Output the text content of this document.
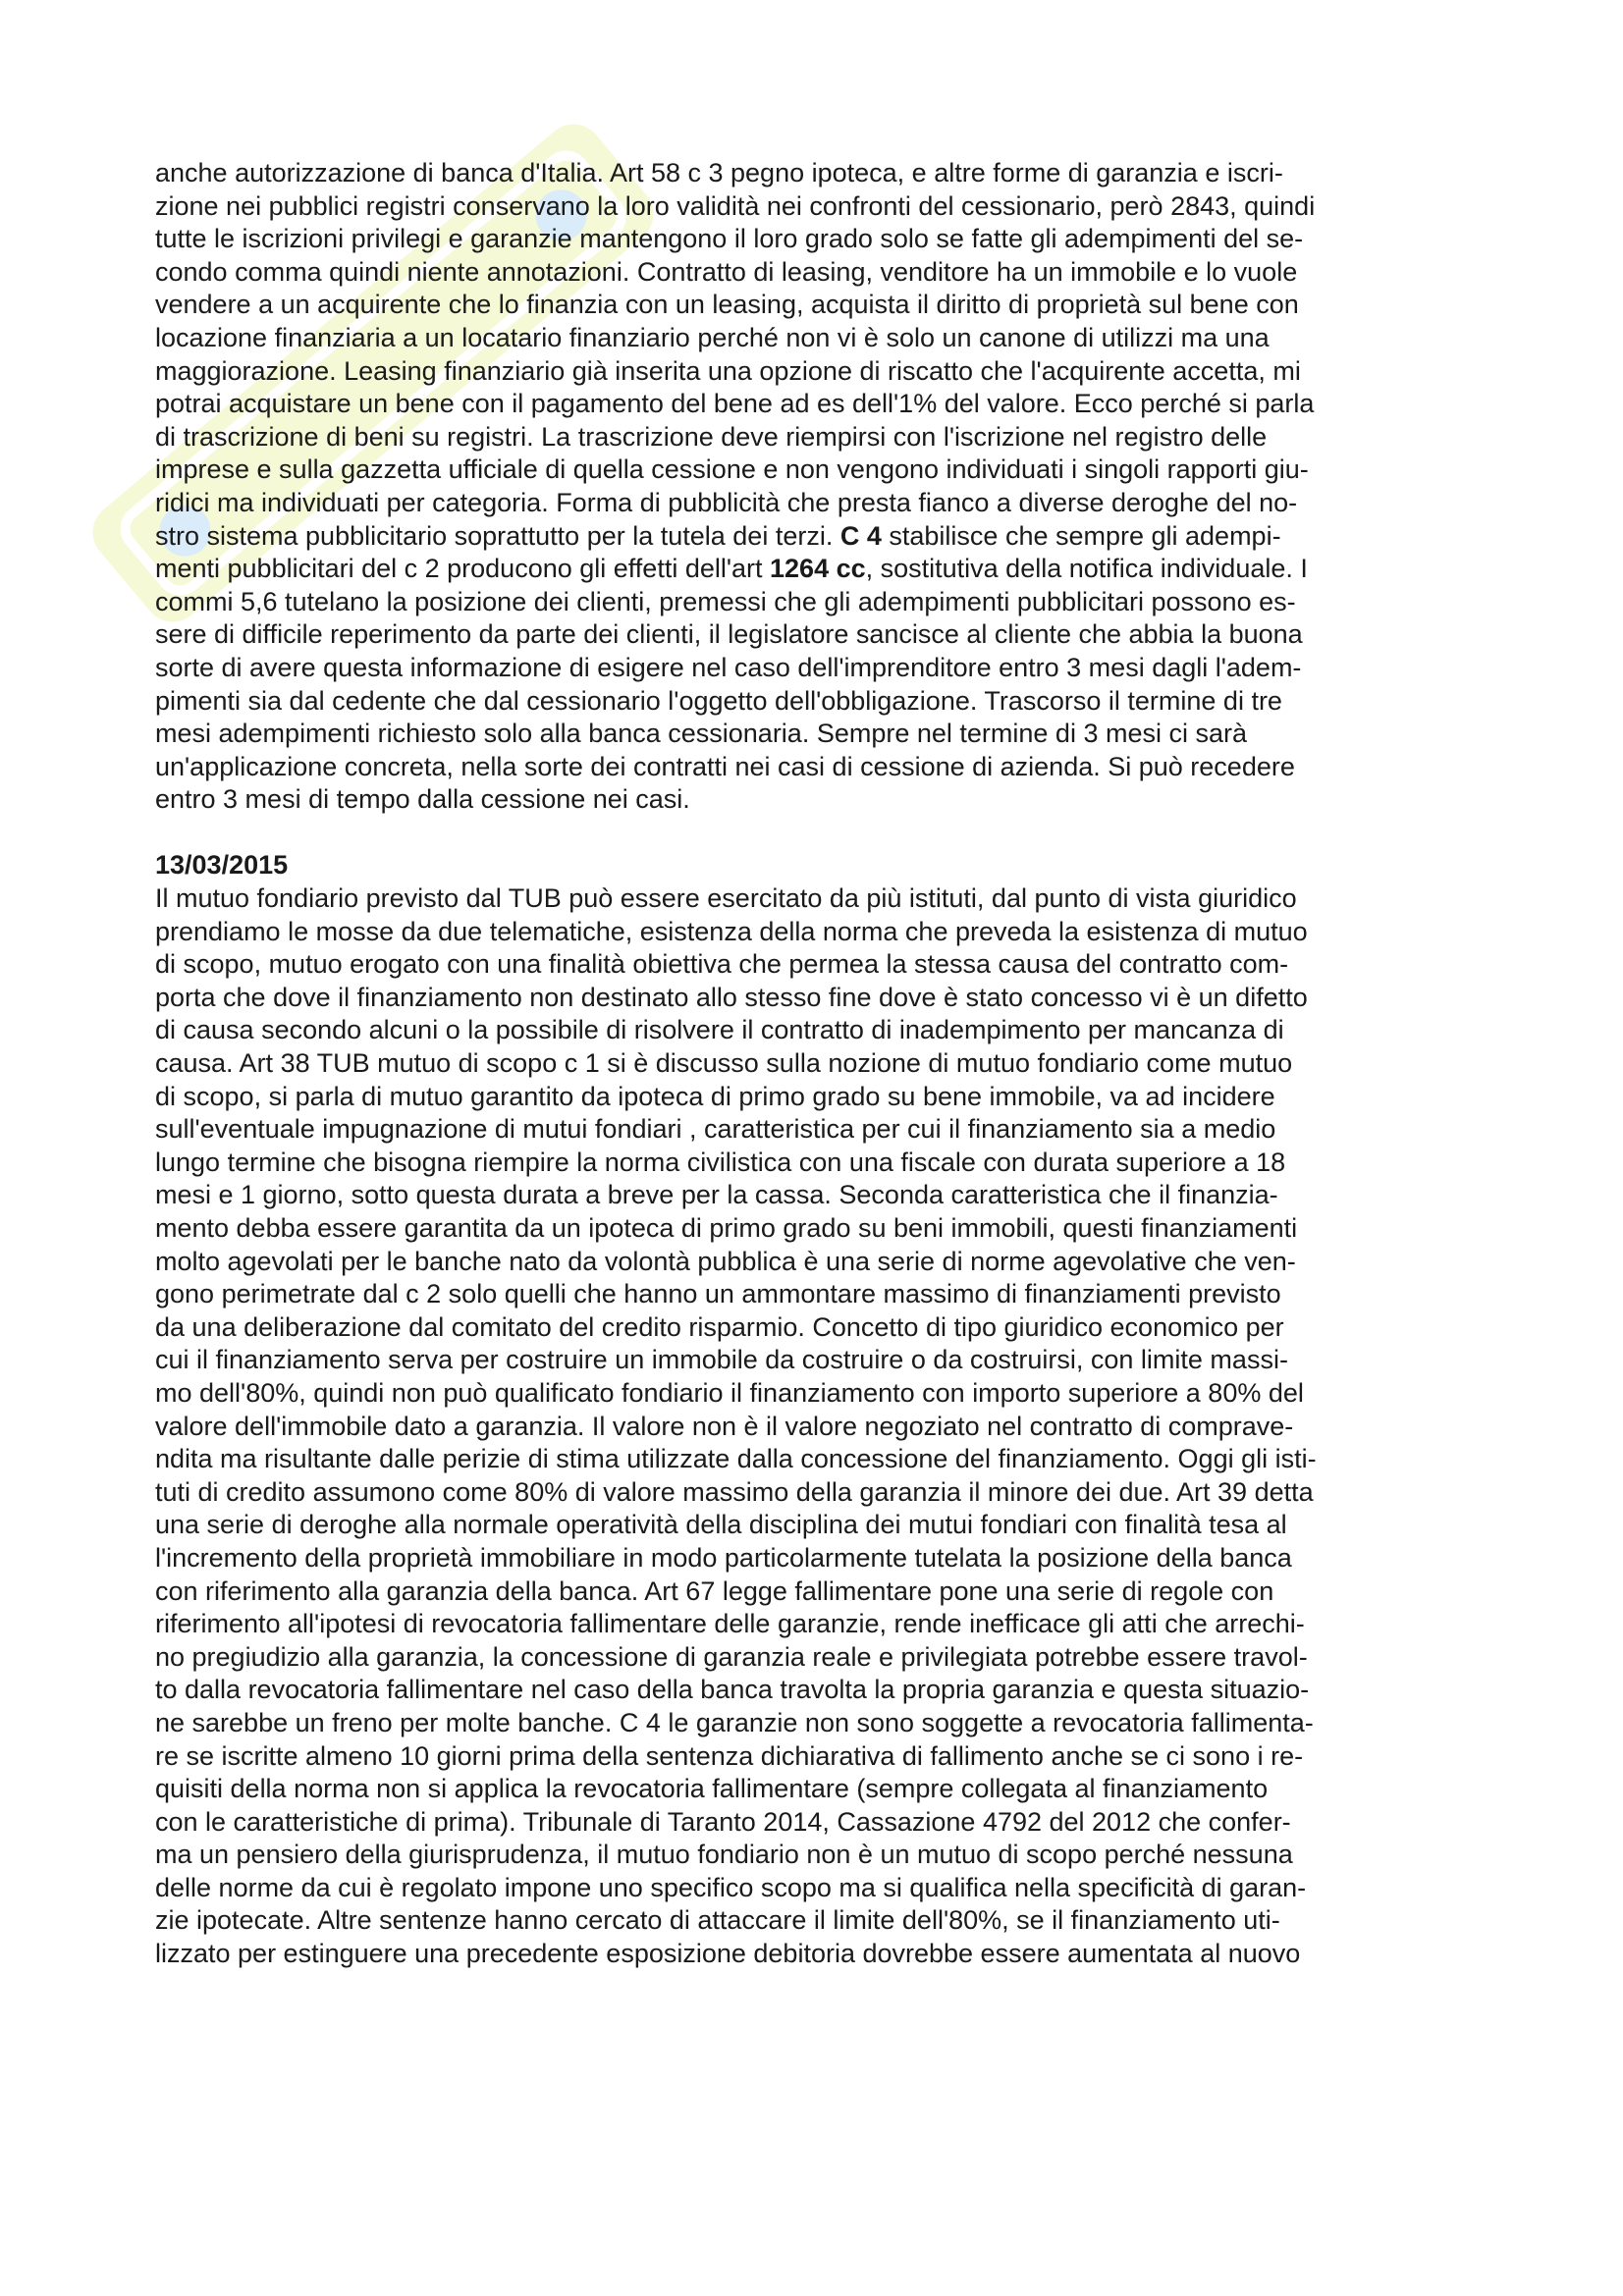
anche autorizzazione di banca d'Italia. Art 58 c 3 pegno ipoteca, e altre forme di garanzia e iscri-
zione nei pubblici registri conservano la loro validità nei confronti del cessionario, però 2843, quindi
tutte le iscrizioni privilegi e garanzie mantengono il loro grado solo se fatte gli adempimenti del se-
condo comma quindi niente annotazioni. Contratto di leasing, venditore ha un immobile e lo vuole
vendere a un acquirente che lo finanzia con un leasing, acquista il diritto di proprietà sul bene con
locazione finanziaria a un locatario finanziario perché non vi è solo un canone di utilizzi ma una
maggiorazione. Leasing finanziario già inserita una opzione di riscatto che l'acquirente accetta, mi
potrai acquistare un bene con il pagamento del bene ad es dell'1% del valore. Ecco perché si parla
di trascrizione di beni su registri. La trascrizione deve riempirsi con l'iscrizione nel registro delle
imprese e sulla gazzetta ufficiale di quella cessione e non vengono individuati i singoli rapporti giu-
ridici ma individuati per categoria. Forma di pubblicità che presta fianco a diverse deroghe del no-
stro sistema pubblicitario soprattutto per la tutela dei terzi. C 4 stabilisce che sempre gli adempi-
menti pubblicitari del c 2 producono gli effetti dell'art 1264 cc, sostitutiva della notifica individuale. I
commi 5,6 tutelano la posizione dei clienti, premessi che gli adempimenti pubblicitari possono es-
sere di difficile reperimento da parte dei clienti, il legislatore sancisce al cliente che abbia la buona
sorte di avere questa informazione di esigere nel caso dell'imprenditore entro 3 mesi dagli l'adem-
pimenti sia dal cedente che dal cessionario l'oggetto dell'obbligazione. Trascorso il termine di tre
mesi adempimenti richiesto solo alla banca cessionaria. Sempre nel termine di 3 mesi ci sarà
un'applicazione concreta, nella sorte dei contratti nei casi di cessione di azienda. Si può recedere
entro 3 mesi di tempo dalla cessione nei casi.

13/03/2015

Il mutuo fondiario previsto dal TUB può essere esercitato da più istituti, dal punto di vista giuridico
prendiamo le mosse da due telematiche, esistenza della norma che preveda la esistenza di mutuo
di scopo, mutuo erogato con una finalità obiettiva che permea la stessa causa del contratto com-
porta che dove il finanziamento non destinato allo stesso fine dove è stato concesso vi è un difetto
di causa secondo alcuni o la possibile di risolvere il contratto di inadempimento per mancanza di
causa. Art 38 TUB mutuo di scopo c 1 si è discusso sulla nozione di mutuo fondiario come mutuo
di scopo, si parla di mutuo garantito da ipoteca di primo grado su bene immobile, va ad incidere
sull'eventuale impugnazione di mutui fondiari , caratteristica per cui il finanziamento sia a medio
lungo termine che bisogna riempire la norma civilistica con una fiscale con durata superiore a 18
mesi e 1 giorno, sotto questa durata a breve per la cassa. Seconda caratteristica che il finanzia-
mento debba essere garantita da un ipoteca di primo grado su beni immobili, questi finanziamenti
molto agevolati per le banche nato da volontà pubblica è una serie di norme agevolative che ven-
gono perimetrate dal c 2 solo quelli che hanno un ammontare massimo di finanziamenti previsto
da una deliberazione dal comitato del credito risparmio. Concetto di tipo giuridico economico per
cui il finanziamento serva per costruire un immobile da costruire o da costruirsi, con limite massi-
mo dell'80%, quindi non può qualificato fondiario il finanziamento con importo superiore a 80% del
valore dell'immobile dato a garanzia. Il valore non è il valore negoziato nel contratto di comprave-
ndita ma risultante dalle perizie di stima utilizzate dalla concessione del finanziamento. Oggi gli isti-
tuti di credito assumono come 80% di valore massimo della garanzia il minore dei due. Art 39 detta
una serie di deroghe alla normale operatività della disciplina dei mutui fondiari con finalità tesa al
l'incremento della proprietà immobiliare in modo particolarmente tutelata la posizione della banca
con riferimento alla garanzia della banca. Art 67 legge fallimentare pone una serie di regole con
riferimento all'ipotesi di revocatoria fallimentare delle garanzie, rende inefficace gli atti che arrechi-
no pregiudizio alla garanzia, la concessione di garanzia reale e privilegiata potrebbe essere travol-
to dalla revocatoria fallimentare nel caso della banca travolta la propria garanzia e questa situazio-
ne sarebbe un freno per molte banche. C 4 le garanzie non sono soggette a revocatoria fallimenta-
re se iscritte almeno 10 giorni prima della sentenza dichiarativa di fallimento anche se ci sono i re-
quisiti della norma non si applica la revocatoria fallimentare (sempre collegata al finanziamento
con le caratteristiche di prima). Tribunale di Taranto 2014, Cassazione 4792 del 2012 che confer-
ma un pensiero della giurisprudenza, il mutuo fondiario non è un mutuo di scopo perché nessuna
delle norme da cui è regolato impone uno specifico scopo ma si qualifica nella specificità di garan-
zie ipotecate. Altre sentenze hanno cercato di attaccare il limite dell'80%, se il finanziamento uti-
lizzato per estinguere una precedente esposizione debitoria dovrebbe essere aumentata al nuovo
